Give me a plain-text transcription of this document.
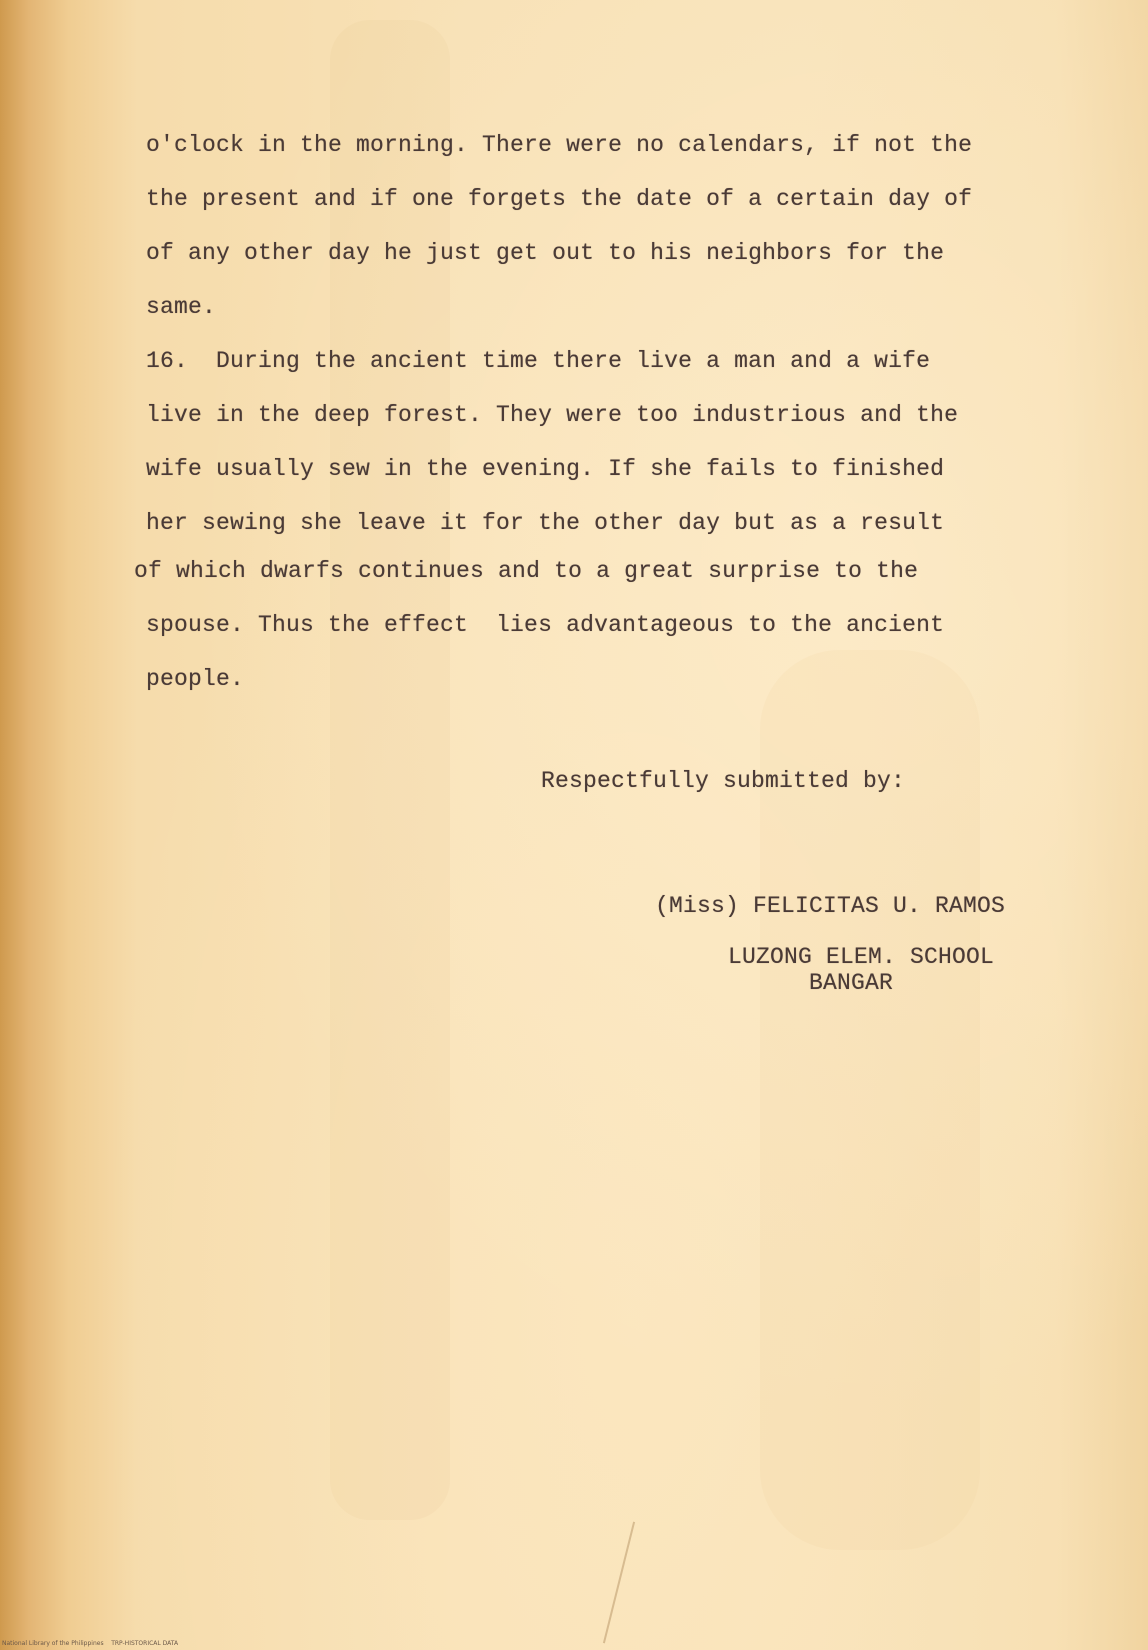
o'clock in the morning. There were no calendars, if not the

the present and if one forgets the date of a certain day of

of any other day he just get out to his neighbors for the

same.

16.  During the ancient time there live a man and a wife

live in the deep forest. They were too industrious and the

wife usually sew in the evening. If she fails to finished

her sewing she leave it for the other day but as a result

of which dwarfs continues and to a great surprise to the

spouse. Thus the effect  lies advantageous to the ancient

people.

Respectfully submitted by:

(Miss) FELICITAS U. RAMOS

LUZONG ELEM. SCHOOL

BANGAR

National Library of the Philippines    TRP-HISTORICAL DATA
